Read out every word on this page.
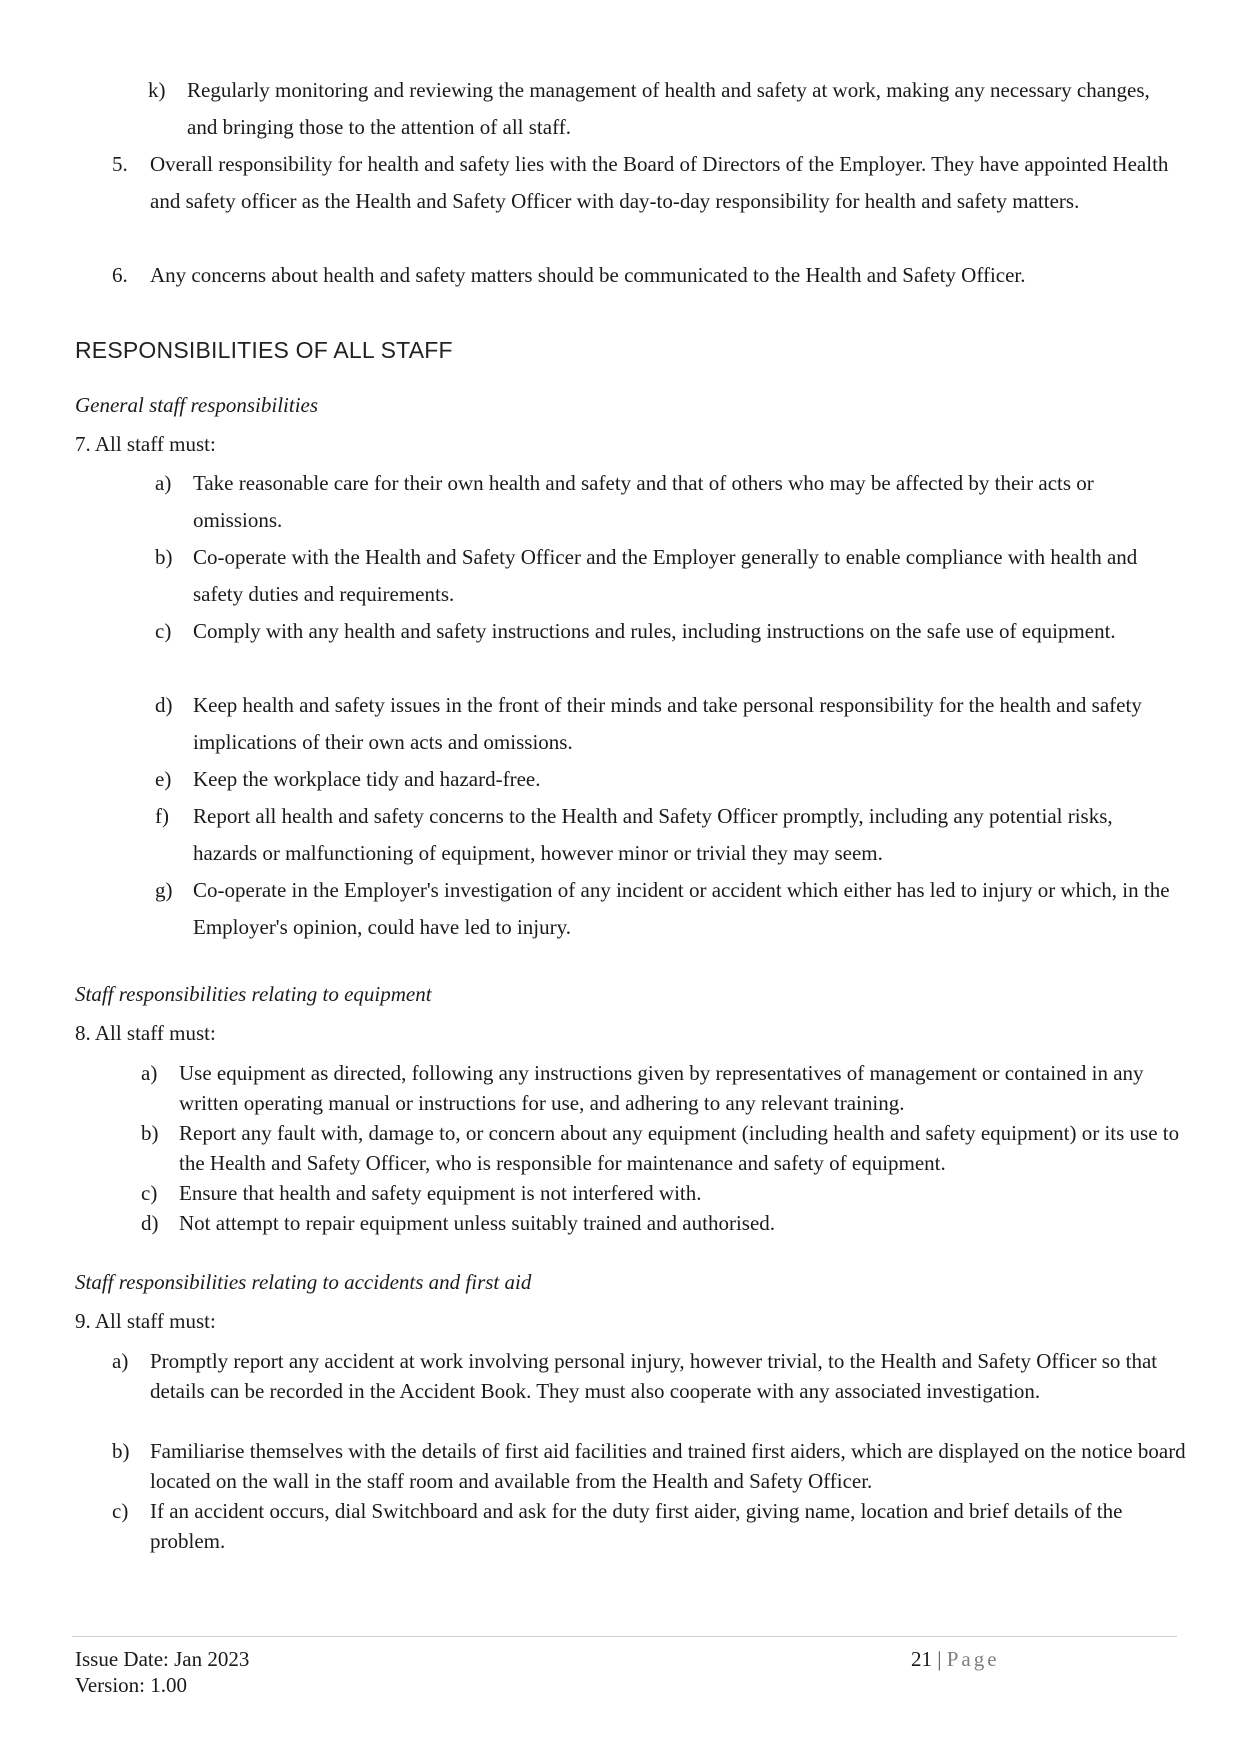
k)	Regularly monitoring and reviewing the management of health and safety at work, making any necessary changes, and bringing those to the attention of all staff.
5.	Overall responsibility for health and safety lies with the Board of Directors of the Employer. They have appointed Health and safety officer as the Health and Safety Officer with day-to-day responsibility for health and safety matters.
6.	Any concerns about health and safety matters should be communicated to the Health and Safety Officer.
RESPONSIBILITIES OF ALL STAFF
General staff responsibilities
7. All staff must:
a)	Take reasonable care for their own health and safety and that of others who may be affected by their acts or omissions.
b) Co-operate with the Health and Safety Officer and the Employer generally to enable compliance with health and safety duties and requirements.
c)	Comply with any health and safety instructions and rules, including instructions on the safe use of equipment.
d) Keep health and safety issues in the front of their minds and take personal responsibility for the health and safety implications of their own acts and omissions.
e)	Keep the workplace tidy and hazard-free.
f)	Report all health and safety concerns to the Health and Safety Officer promptly, including any potential risks, hazards or malfunctioning of equipment, however minor or trivial they may seem.
g) Co-operate in the Employer's investigation of any incident or accident which either has led to injury or which, in the Employer's opinion, could have led to injury.
Staff responsibilities relating to equipment
8. All staff must:
a)	Use equipment as directed, following any instructions given by representatives of management or contained in any written operating manual or instructions for use, and adhering to any relevant training.
b) Report any fault with, damage to, or concern about any equipment (including health and safety equipment) or its use to the Health and Safety Officer, who is responsible for maintenance and safety of equipment.
c)	Ensure that health and safety equipment is not interfered with.
d) Not attempt to repair equipment unless suitably trained and authorised.
Staff responsibilities relating to accidents and first aid
9. All staff must:
a)	Promptly report any accident at work involving personal injury, however trivial, to the Health and Safety Officer so that details can be recorded in the Accident Book. They must also cooperate with any associated investigation.
b) Familiarise themselves with the details of first aid facilities and trained first aiders, which are displayed on the notice board located on the wall in the staff room and available from the Health and Safety Officer.
c)	If an accident occurs, dial Switchboard and ask for the duty first aider, giving name, location and brief details of the problem.
Issue Date: Jan 2023
Version: 1.00
21 | Page
